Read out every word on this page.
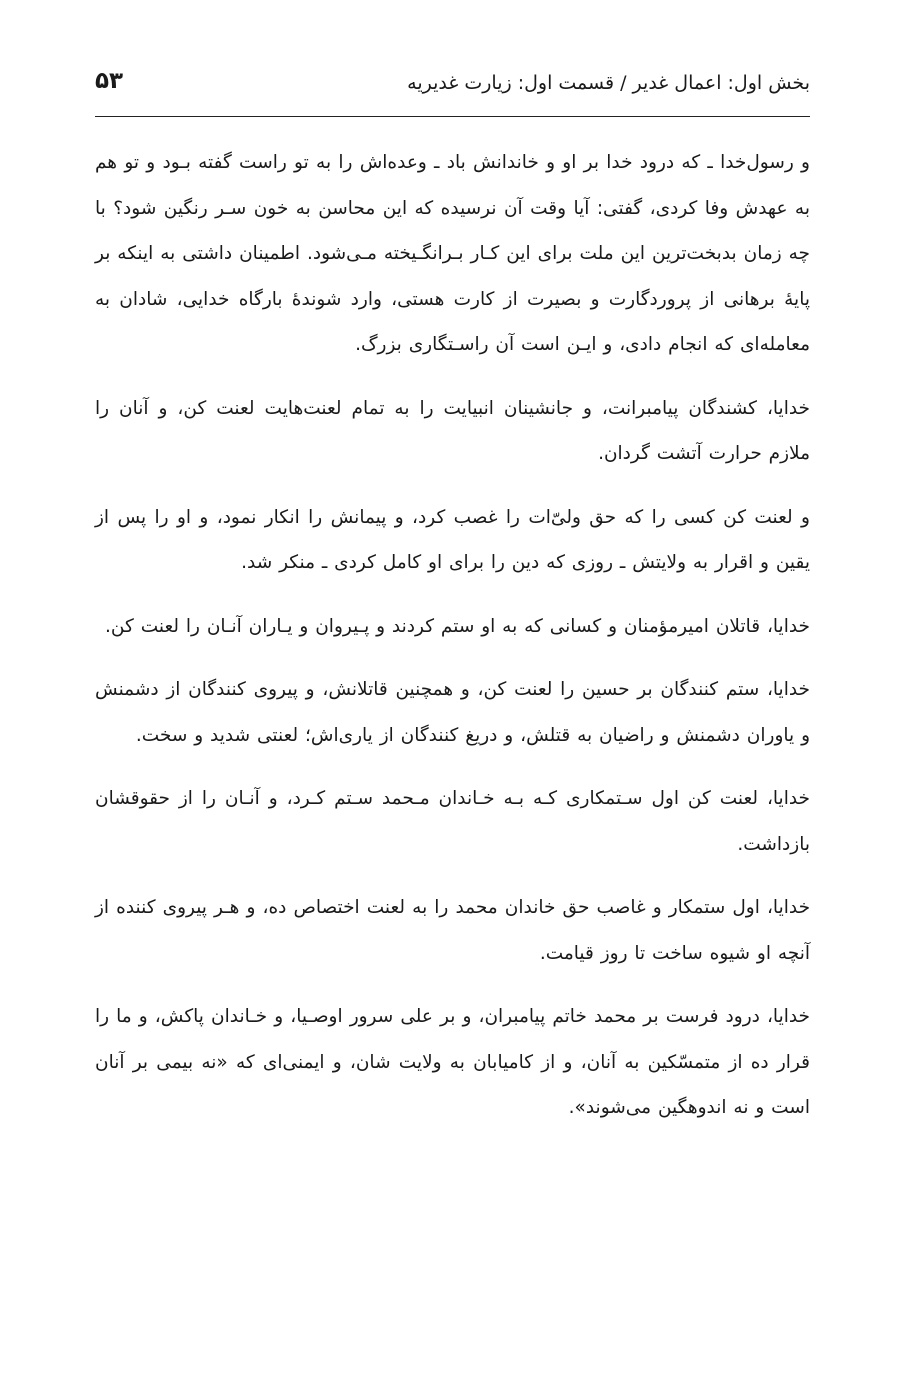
بخش اول: اعمال غدیر / قسمت اول: زیارت غدیریه
۵۳

و رسول‌خدا ـ که درود خدا بر او و خاندانش باد ـ وعده‌اش را به تو راست گفته بـود و تو هم به عهدش وفا کردی، گفتی: آیا وقت آن نرسیده که این محاسن به خون سـر رنگین شود؟ با چه زمان بدبخت‌ترین این ملت برای این کـار بـرانگـیخته مـی‌شود. اطمینان داشتی به اینکه بر پایهٔ برهانی از پروردگارت و بصیرت از کارت هستی، وارد شوندهٔ بارگاه خدایی، شادان به معامله‌ای که انجام دادی، و ایـن است آن راسـتگاری بزرگ.

خدایا، کشندگان پیامبرانت، و جانشینان انبیایت را به تمام لعنت‌هایت لعنت کن، و آنان را ملازم حرارت آتشت گردان.

و لعنت کن کسی را که حق ولیّ‌ات را غصب کرد، و پیمانش را انکار نمود، و او را پس از یقین و اقرار به ولایتش ـ روزی که دین را برای او کامل کردی ـ منکر شد.

خدایا، قاتلان امیرمؤمنان و کسانی که به او ستم کردند و پـیروان و یـاران آنـان را لعنت کن.

خدایا، ستم کنندگان بر حسین را لعنت کن، و همچنین قاتلانش، و پیروی کنندگان از دشمنش و یاوران دشمنش و راضیان به قتلش، و دریغ کنندگان از یاری‌اش؛ لعنتی شدید و سخت.

خدایا، لعنت کن اول سـتمکاری کـه بـه خـاندان مـحمد سـتم کـرد، و آنـان را از حقوقشان بازداشت.

خدایا، اول ستمکار و غاصب حق خاندان محمد را به لعنت اختصاص ده، و هـر پیروی کننده از آنچه او شیوه ساخت تا روز قیامت.

خدایا، درود فرست بر محمد خاتم پیامبران، و بر علی سرور اوصـیا، و خـاندان پاکش، و ما را قرار ده از متمسّکین به آنان، و از کامیابان به ولایت شان، و ایمنی‌ای که «نه بیمی بر آنان است و نه اندوهگین می‌شوند».
